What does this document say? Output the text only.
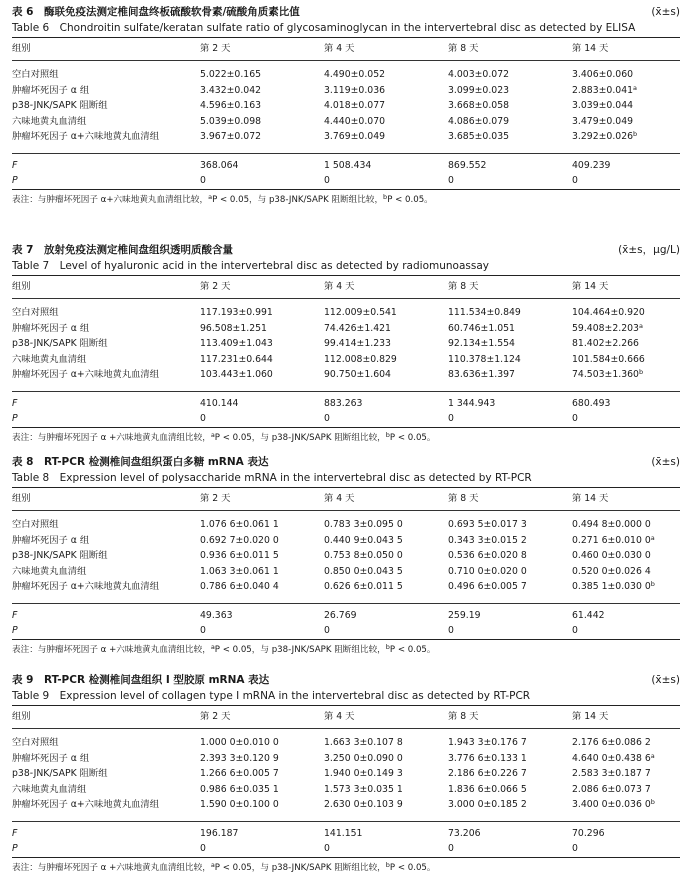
表 6　酶联免疫法测定椎间盘终板硫酸软骨素/硫酸角质素比值
Table 6　Chondroitin sulfate/keratan sulfate ratio of glycosaminoglycan in the intervertebral disc as detected by ELISA
(x̄±s)
组别	第 2 天	第 4 天	第 8 天	第 14 天
空白对照组	5.022±0.165	4.490±0.052	4.003±0.072	3.406±0.060
肿瘤坏死因子 α 组	3.432±0.042	3.119±0.036	3.099±0.023	2.883±0.041$^a$
p38-JNK/SAPK 阻断组	4.596±0.163	4.018±0.077	3.668±0.058	3.039±0.044
六味地黄丸血清组	5.039±0.098	4.440±0.070	4.086±0.079	3.479±0.049
肿瘤坏死因子 α+六味地黄丸血清组	3.967±0.072	3.769±0.049	3.685±0.035	3.292±0.026$^b$
F	368.064	1 508.434	869.552	409.239
P	0	0	0	0
表注：与肿瘤坏死因子 α+六味地黄丸血清组比较，$^a$P < 0.05，与 p38-JNK/SAPK 阻断组比较，$^b$P < 0.05。
表 7　放射免疫法测定椎间盘组织透明质酸含量
Table 7　Level of hyaluronic acid in the intervertebral disc as detected by radiomunoassay
(x̄±s，μg/L)
组别	第 2 天	第 4 天	第 8 天	第 14 天
空白对照组	117.193±0.991	112.009±0.541	111.534±0.849	104.464±0.920
肿瘤坏死因子 α 组	96.508±1.251	74.426±1.421	60.746±1.051	59.408±2.203$^a$
p38-JNK/SAPK 阻断组	113.409±1.043	99.414±1.233	92.134±1.554	81.402±2.266
六味地黄丸血清组	117.231±0.644	112.008±0.829	110.378±1.124	101.584±0.666
肿瘤坏死因子 α+六味地黄丸血清组	103.443±1.060	90.750±1.604	83.636±1.397	74.503±1.360$^b$
F	410.144	883.263	1 344.943	680.493
P	0	0	0	0
表注：与肿瘤坏死因子 α +六味地黄丸血清组比较，$^a$P < 0.05，与 p38-JNK/SAPK 阻断组比较，$^b$P < 0.05。
表 8　RT-PCR 检测椎间盘组织蛋白多糖 mRNA 表达
Table 8　Expression level of polysaccharide mRNA in the intervertebral disc as detected by RT-PCR
(x̄±s)
组别	第 2 天	第 4 天	第 8 天	第 14 天
空白对照组	1.076 6±0.061 1	0.783 3±0.095 0	0.693 5±0.017 3	0.494 8±0.000 0
肿瘤坏死因子 α 组	0.692 7±0.020 0	0.440 9±0.043 5	0.343 3±0.015 2	0.271 6±0.010 0$^a$
p38-JNK/SAPK 阻断组	0.936 6±0.011 5	0.753 8±0.050 0	0.536 6±0.020 8	0.460 0±0.030 0
六味地黄丸血清组	1.063 3±0.061 1	0.850 0±0.043 5	0.710 0±0.020 0	0.520 0±0.026 4
肿瘤坏死因子 α+六味地黄丸血清组	0.786 6±0.040 4	0.626 6±0.011 5	0.496 6±0.005 7	0.385 1±0.030 0$^b$
F	49.363	26.769	259.19	61.442
P	0	0	0	0
表注：与肿瘤坏死因子 α +六味地黄丸血清组比较，$^a$P < 0.05，与 p38-JNK/SAPK 阻断组比较，$^b$P < 0.05。
表 9　RT-PCR 检测椎间盘组织 Ⅰ 型胶原 mRNA 表达
Table 9　Expression level of collagen type I mRNA in the intervertebral disc as detected by RT-PCR
(x̄±s)
组别	第 2 天	第 4 天	第 8 天	第 14 天
空白对照组	1.000 0±0.010 0	1.663 3±0.107 8	1.943 3±0.176 7	2.176 6±0.086 2
肿瘤坏死因子 α 组	2.393 3±0.120 9	3.250 0±0.090 0	3.776 6±0.133 1	4.640 0±0.438 6$^a$
p38-JNK/SAPK 阻断组	1.266 6±0.005 7	1.940 0±0.149 3	2.186 6±0.226 7	2.583 3±0.187 7
六味地黄丸血清组	0.986 6±0.035 1	1.573 3±0.035 1	1.836 6±0.066 5	2.086 6±0.073 7
肿瘤坏死因子 α+六味地黄丸血清组	1.590 0±0.100 0	2.630 0±0.103 9	3.000 0±0.185 2	3.400 0±0.036 0$^b$
F	196.187	141.151	73.206	70.296
P	0	0	0	0
表注：与肿瘤坏死因子 α +六味地黄丸血清组比较，$^a$P < 0.05，与 p38-JNK/SAPK 阻断组比较，$^b$P < 0.05。
